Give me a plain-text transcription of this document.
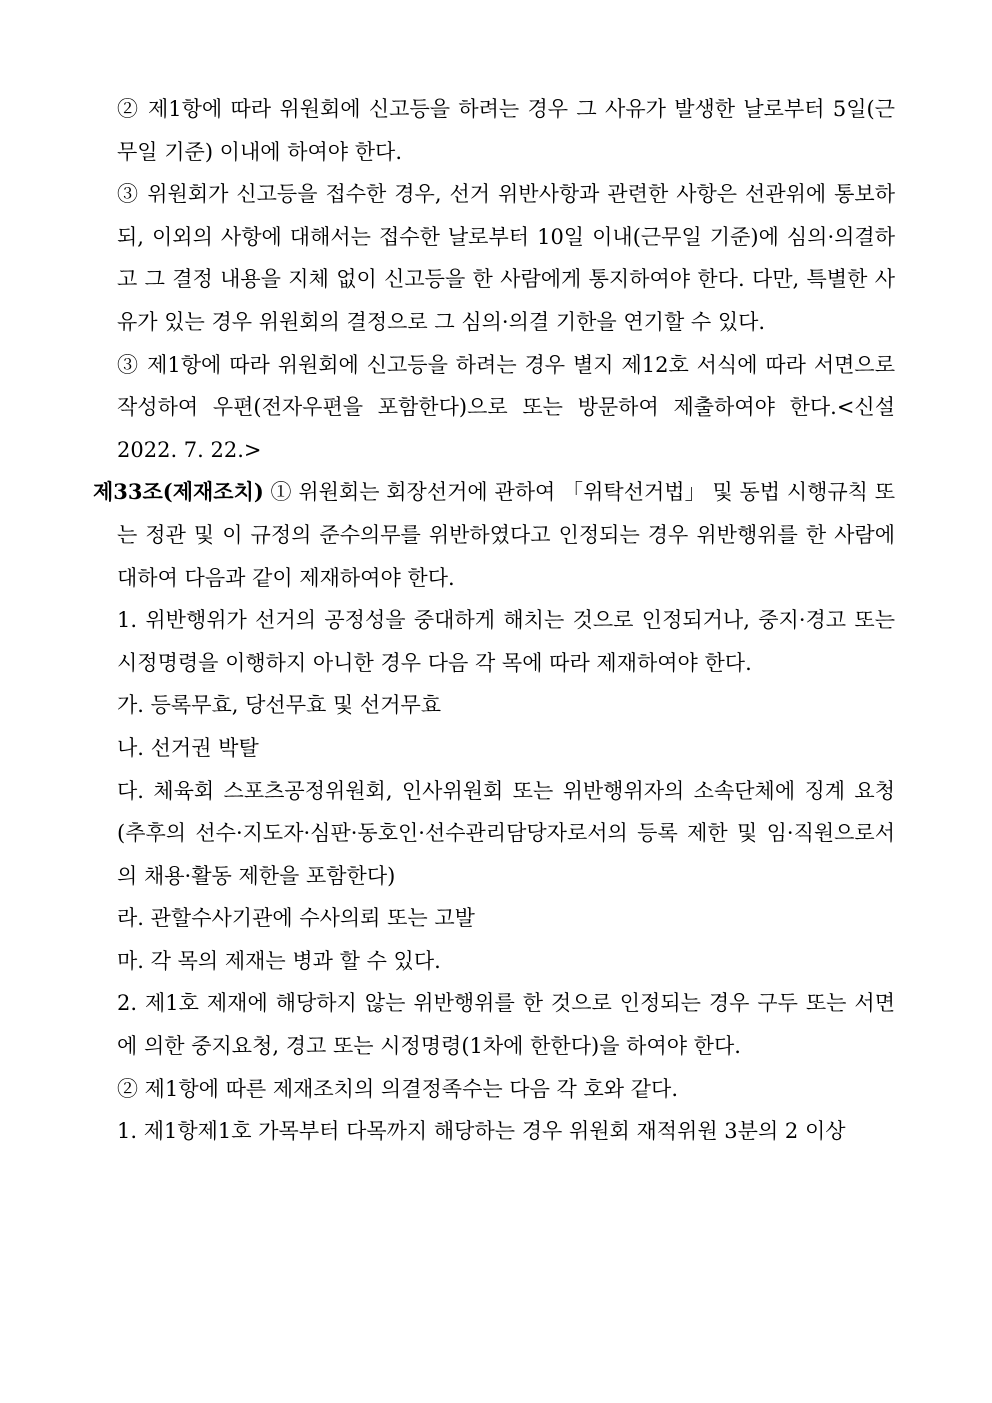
② 제1항에 따라 위원회에 신고등을 하려는 경우 그 사유가 발생한 날로부터 5일(근무일 기준) 이내에 하여야 한다.

③ 위원회가 신고등을 접수한 경우, 선거 위반사항과 관련한 사항은 선관위에 통보하되, 이외의 사항에 대해서는 접수한 날로부터 10일 이내(근무일 기준)에 심의·의결하고 그 결정 내용을 지체 없이 신고등을 한 사람에게 통지하여야 한다. 다만, 특별한 사유가 있는 경우 위원회의 결정으로 그 심의·의결 기한을 연기할 수 있다.

③ 제1항에 따라 위원회에 신고등을 하려는 경우 별지 제12호 서식에 따라 서면으로 작성하여 우편(전자우편을 포함한다)으로 또는 방문하여 제출하여야 한다.<신설 2022. 7. 22.>

제33조(제재조치) ① 위원회는 회장선거에 관하여 「위탁선거법」 및 동법 시행규칙 또는 정관 및 이 규정의 준수의무를 위반하였다고 인정되는 경우 위반행위를 한 사람에 대하여 다음과 같이 제재하여야 한다.

1. 위반행위가 선거의 공정성을 중대하게 해치는 것으로 인정되거나, 중지·경고 또는 시정명령을 이행하지 아니한 경우 다음 각 목에 따라 제재하여야 한다.

가. 등록무효, 당선무효 및 선거무효

나. 선거권 박탈

다. 체육회 스포츠공정위원회, 인사위원회 또는 위반행위자의 소속단체에 징계 요청(추후의 선수·지도자·심판·동호인·선수관리담당자로서의 등록 제한 및 임·직원으로서의 채용·활동 제한을 포함한다)

라. 관할수사기관에 수사의뢰 또는 고발

마. 각 목의 제재는 병과 할 수 있다.

2. 제1호 제재에 해당하지 않는 위반행위를 한 것으로 인정되는 경우 구두 또는 서면에 의한 중지요청, 경고 또는 시정명령(1차에 한한다)을 하여야 한다.

② 제1항에 따른 제재조치의 의결정족수는 다음 각 호와 같다.

1. 제1항제1호 가목부터 다목까지 해당하는 경우 위원회 재적위원 3분의 2 이상
